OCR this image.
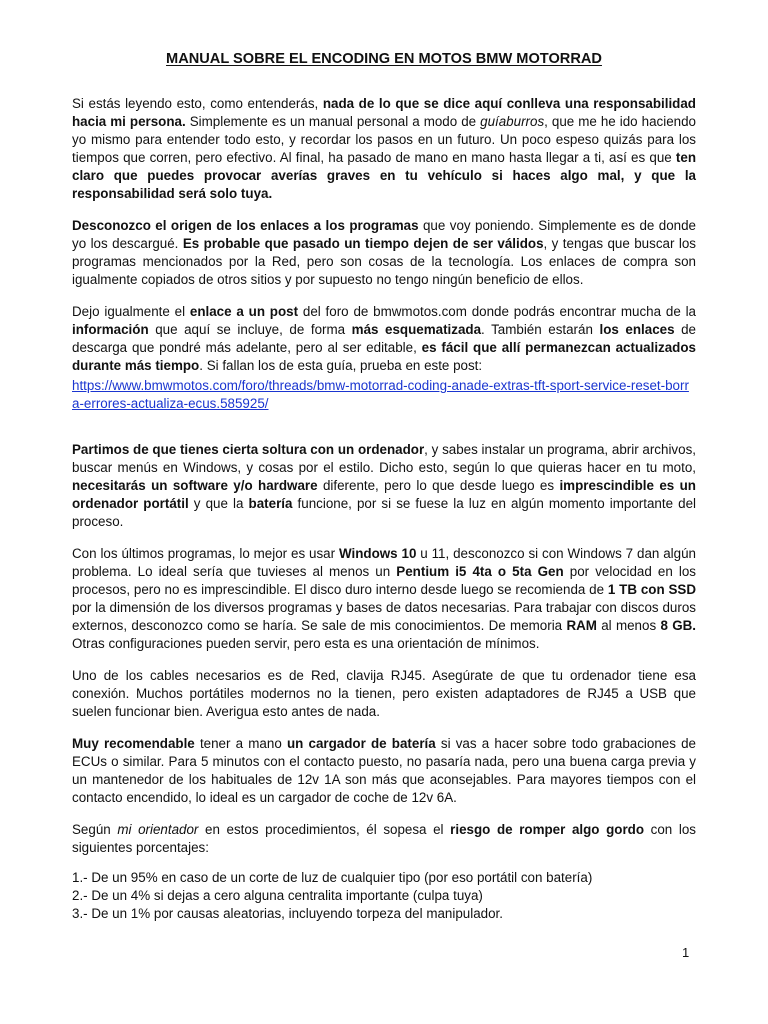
MANUAL SOBRE EL ENCODING EN MOTOS BMW MOTORRAD

Si estás leyendo esto, como entenderás, nada de lo que se dice aquí conlleva una responsabilidad hacia mi persona. Simplemente es un manual personal a modo de guíaburros, que me he ido haciendo yo mismo para entender todo esto, y recordar los pasos en un futuro. Un poco espeso quizás para los tiempos que corren, pero efectivo. Al final, ha pasado de mano en mano hasta llegar a ti, así es que ten claro que puedes provocar averías graves en tu vehículo si haces algo mal, y que la responsabilidad será solo tuya.

Desconozco el origen de los enlaces a los programas que voy poniendo. Simplemente es de donde yo los descargué. Es probable que pasado un tiempo dejen de ser válidos, y tengas que buscar los programas mencionados por la Red, pero son cosas de la tecnología. Los enlaces de compra son igualmente copiados de otros sitios y por supuesto no tengo ningún beneficio de ellos.

Dejo igualmente el enlace a un post del foro de bmwmotos.com donde podrás encontrar mucha de la información que aquí se incluye, de forma más esquematizada. También estarán los enlaces de descarga que pondré más adelante, pero al ser editable, es fácil que allí permanezcan actualizados durante más tiempo. Si fallan los de esta guía, prueba en este post:

https://www.bmwmotos.com/foro/threads/bmw-motorrad-coding-anade-extras-tft-sport-service-reset-borra-errores-actualiza-ecus.585925/

Partimos de que tienes cierta soltura con un ordenador, y sabes instalar un programa, abrir archivos, buscar menús en Windows, y cosas por el estilo. Dicho esto, según lo que quieras hacer en tu moto, necesitarás un software y/o hardware diferente, pero lo que desde luego es imprescindible es un ordenador portátil y que la batería funcione, por si se fuese la luz en algún momento importante del proceso.

Con los últimos programas, lo mejor es usar Windows 10 u 11, desconozco si con Windows 7 dan algún problema. Lo ideal sería que tuvieses al menos un Pentium i5 4ta o 5ta Gen por velocidad en los procesos, pero no es imprescindible. El disco duro interno desde luego se recomienda de 1 TB con SSD por la dimensión de los diversos programas y bases de datos necesarias. Para trabajar con discos duros externos, desconozco como se haría. Se sale de mis conocimientos. De memoria RAM al menos 8 GB. Otras configuraciones pueden servir, pero esta es una orientación de mínimos.

Uno de los cables necesarios es de Red, clavija RJ45. Asegúrate de que tu ordenador tiene esa conexión. Muchos portátiles modernos no la tienen, pero existen adaptadores de RJ45 a USB que suelen funcionar bien. Averigua esto antes de nada.

Muy recomendable tener a mano un cargador de batería si vas a hacer sobre todo grabaciones de ECUs o similar. Para 5 minutos con el contacto puesto, no pasaría nada, pero una buena carga previa y un mantenedor de los habituales de 12v 1A son más que aconsejables. Para mayores tiempos con el contacto encendido, lo ideal es un cargador de coche de 12v 6A.

Según mi orientador en estos procedimientos, él sopesa el riesgo de romper algo gordo con los siguientes porcentajes:

1.- De un 95% en caso de un corte de luz de cualquier tipo (por eso portátil con batería)
2.- De un 4% si dejas a cero alguna centralita importante (culpa tuya)
3.- De un 1% por causas aleatorias, incluyendo torpeza del manipulador.
1
